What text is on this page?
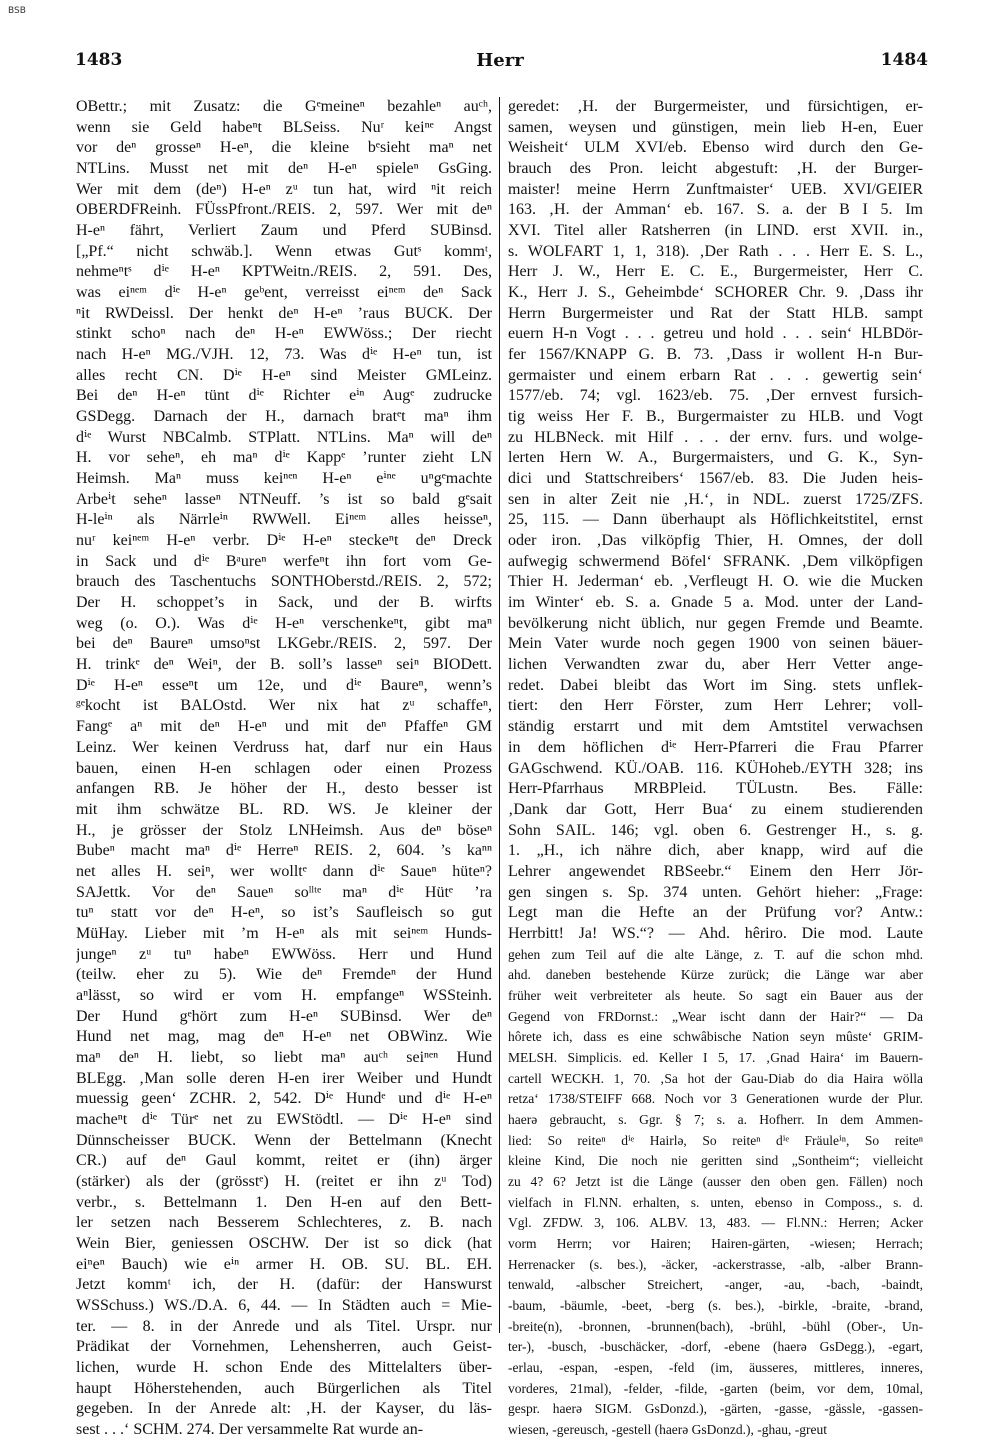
BSB
1483	Herr	1484
OBettr.; mit Zusatz: die Gᵉmeineⁿ bezahleⁿ auᶜʰ,
wenn sie Geld habeⁿt BLSeiss. Nuʳ keiⁿᵉ Angst
vor deⁿ grosseⁿ H-eⁿ, die kleine bᵉsieht maⁿ net
NTLins. Musst net mit deⁿ H-eⁿ spieleⁿ GsGing.
Wer mit dem (deⁿ) H-eⁿ zᵘ tun hat, wird ⁿit reich
OBERDFReinh. FÜssPfront./REIS. 2, 597. Wer mit deⁿ
H-eⁿ fährt, Verliert Zaum und Pferd SUBinsd.
[„Pf.“ nicht schwäb.]. Wenn etwas Gutˢ kommᵗ,
nehmeⁿtˢ dⁱᵉ H-eⁿ KPTWeitn./REIS. 2, 591. Des,
was eiⁿᵉᵐ dⁱᵉ H-eⁿ geᵇent, verreisst eiⁿᵉᵐ deⁿ Sack
ⁿit RWDeissl. Der henkt deⁿ H-eⁿ ’raus BUCK. Der
stinkt schoⁿ nach deⁿ H-eⁿ EWWöss.; Der riecht
nach H-eⁿ MG./VJH. 12, 73. Was dⁱᵉ H-eⁿ tun, ist
alles recht CN. Dⁱᵉ H-eⁿ sind Meister GMLeinz.
Bei deⁿ H-eⁿ tünt dⁱᵉ Richter eⁱⁿ Augᵉ zudrucke
GSDegg. Darnach der H., darnach bratᵉt maⁿ ihm
dⁱᵉ Wurst NBCalmb. STPlatt. NTLins. Maⁿ will deⁿ
H. vor seheⁿ, eh maⁿ dⁱᵉ Kappᵉ ’runter zieht LN
Heimsh. Maⁿ muss keiⁿᵉⁿ H-eⁿ eⁱⁿᵉ uⁿgᵉmachte
Arbeⁱt seheⁿ lasseⁿ NTNeuff. ’s ist so bald gᵉsait
H-leⁱⁿ als Närrleⁱⁿ RWWell. Eiⁿᵉᵐ alles heisseⁿ,
nuʳ keiⁿᵉᵐ H-eⁿ verbr. Dⁱᵉ H-eⁿ steckeⁿt deⁿ Dreck
in Sack und dⁱᵉ Bᵃureⁿ werfeⁿt ihn fort vom Ge-
brauch des Taschentuchs SONTHOberstd./REIS. 2, 572;
Der H. schoppet’s in Sack, und der B. wirfts
weg (o. O.). Was dⁱᵉ H-eⁿ verschenkeⁿt, gibt maⁿ
bei deⁿ Baureⁿ umsoⁿst LKGebr./REIS. 2, 597. Der
H. trinkᵉ deⁿ Weiⁿ, der B. soll’s lasseⁿ seiⁿ BIODett.
Dⁱᵉ H-eⁿ esseⁿt um 12e, und dⁱᵉ Baureⁿ, wenn’s
ᵍᵉkocht ist BALOstd. Wer nix hat zᵘ schaffeⁿ,
Fangᵉ aⁿ mit deⁿ H-eⁿ und mit deⁿ Pfaffeⁿ GM
Leinz. Wer keinen Verdruss hat, darf nur ein Haus
bauen, einen H-en schlagen oder einen Prozess
anfangen RB. Je höher der H., desto besser ist
mit ihm schwätze BL. RD. WS. Je kleiner der
H., je grösser der Stolz LNHeimsh. Aus deⁿ böseⁿ
Bubeⁿ macht maⁿ dⁱᵉ Herreⁿ REIS. 2, 604. ’s kaⁿⁿ
net alles H. seiⁿ, wer wolltᵉ dann dⁱᵉ Saueⁿ hüteⁿ?
SAJettk. Vor deⁿ Saueⁿ soˡˡᵗᵉ maⁿ dⁱᵉ Hütᵉ ’ra
tuⁿ statt vor deⁿ H-eⁿ, so ist’s Saufleisch so gut
MüHay. Lieber mit ’m H-eⁿ als mit seiⁿᵉᵐ Hunds-
jungeⁿ zᵘ tuⁿ habeⁿ EWWöss. Herr und Hund
(teilw. eher zu 5). Wie deⁿ Fremdeⁿ der Hund
aⁿlässt, so wird er vom H. empfangeⁿ WSSteinh.
Der Hund gᵉhört zum H-eⁿ SUBinsd. Wer deⁿ
Hund net mag, mag deⁿ H-eⁿ net OBWinz. Wie
maⁿ deⁿ H. liebt, so liebt maⁿ auᶜʰ seiⁿᵉⁿ Hund
BLEgg. ‚Man solle deren H-en irer Weiber und Hundt
muessig geen‘ ZCHR. 2, 542. Dⁱᵉ Hundᵉ und dⁱᵉ H-eⁿ
macheⁿt dⁱᵉ Türᵉ net zu EWStödtl. — Dⁱᵉ H-eⁿ sind
Dünnscheisser BUCK. Wenn der Bettelmann (Knecht
CR.) auf deⁿ Gaul kommt, reitet er (ihn) ärger
(stärker) als der (grösstᵉ) H. (reitet er ihn zᵘ Tod)
verbr., s. Bettelmann 1. Den H-en auf den Bett-
ler setzen nach Besserem Schlechteres, z. B. nach
Wein Bier, geniessen OSCHW. Der ist so dick (hat
eiⁿeⁿ Bauch) wie eⁱⁿ armer H. OB. SU. BL. EH.
Jetzt kommᵗ ich, der H. (dafür: der Hanswurst
WSSchuss.) WS./D.A. 6, 44. — In Städten auch = Mie-
ter. — 8. in der Anrede und als Titel. Urspr. nur
Prädikat der Vornehmen, Lehensherren, auch Geist-
lichen, wurde H. schon Ende des Mittelalters über-
haupt Höherstehenden, auch Bürgerlichen als Titel
gegeben. In der Anrede alt: ‚H. der Kayser, du läs-
sest . . .‘ SCHM. 274. Der versammelte Rat wurde an-
geredet: ‚H. der Burgermeister, und fürsichtigen, er-
samen, weysen und günstigen, mein lieb H-en, Euer
Weisheit‘ ULM XVI/eb. Ebenso wird durch den Ge-
brauch des Pron. leicht abgestuft: ‚H. der Burger-
maister! meine Herrn Zunftmaister‘ UEB. XVI/GEIER
163. ‚H. der Amman‘ eb. 167. S. a. der B I 5. Im
XVI. Titel aller Ratsherren (in LIND. erst XVII. in.,
s. WOLFART 1, 1, 318). ‚Der Rath . . . Herr E. S. L.,
Herr J. W., Herr E. C. E., Burgermeister, Herr C.
K., Herr J. S., Geheimbde‘ SCHORER Chr. 9. ‚Dass ihr
Herrn Burgermeister und Rat der Statt HLB. sampt
euern H-n Vogt . . . getreu und hold . . . sein‘ HLBDör-
fer 1567/KNAPP G. B. 73. ‚Dass ir wollent H-n Bur-
germaister und einem erbarn Rat . . . gewertig sein‘
1577/eb. 74; vgl. 1623/eb. 75. ‚Der ernvest fursich-
tig weiss Her F. B., Burgermaister zu HLB. und Vogt
zu HLBNeck. mit Hilf . . . der ernv. furs. und wolge-
lerten Hern W. A., Burgermaisters, und G. K., Syn-
dici und Stattschreibers‘ 1567/eb. 83. Die Juden heis-
sen in alter Zeit nie ‚H.‘, in NDL. zuerst 1725/ZFS.
25, 115. — Dann überhaupt als Höflichkeitstitel, ernst
oder iron. ‚Das vilköpfig Thier, H. Omnes, der doll
aufwegig schwermend Böfel‘ SFRANK. ‚Dem vilköpfigen
Thier H. Jederman‘ eb. ‚Verfleugt H. O. wie die Mucken
im Winter‘ eb. S. a. Gnade 5 a. Mod. unter der Land-
bevölkerung nicht üblich, nur gegen Fremde und Beamte.
Mein Vater wurde noch gegen 1900 von seinen bäuer-
lichen Verwandten zwar du, aber Herr Vetter ange-
redet. Dabei bleibt das Wort im Sing. stets unflek-
tiert: den Herr Förster, zum Herr Lehrer; voll-
ständig erstarrt und mit dem Amtstitel verwachsen
in dem höflichen dⁱᵉ Herr-Pfarreri die Frau Pfarrer
GAGschwend. KÜ./OAB. 116. KÜHoheb./EYTH 328; ins
Herr-Pfarrhaus MRBPleid. TÜLustn. Bes. Fälle:
‚Dank dar Gott, Herr Bua‘ zu einem studierenden
Sohn SAIL. 146; vgl. oben 6. Gestrenger H., s. g.
1. „H., ich nähre dich, aber knapp, wird auf die
Lehrer angewendet RBSeebr.“ Einem den Herr Jör-
gen singen s. Sp. 374 unten. Gehört hieher: „Frage:
Legt man die Hefte an der Prüfung vor? Antw.:
Herrbitt! Ja! WS.“? — Ahd. hêriro. Die mod. Laute
gehen zum Teil auf die alte Länge, z. T. auf die schon mhd.
ahd. daneben bestehende Kürze zurück; die Länge war aber
früher weit verbreiteter als heute. So sagt ein Bauer aus der
Gegend von FRDornst.: „Wear ischt dann der Hair?“ — Da
hôrete ich, dass es eine schwâbische Nation seyn mûste‘ GRIM-
MELSH. Simplicis. ed. Keller I 5, 17. ‚Gnad Haira‘ im Bauern-
cartell WECKH. 1, 70. ‚Sa hot der Gau-Diab do dia Haira wölla
retza‘ 1738/STEIFF 668. Noch vor 3 Generationen wurde der Plur.
haerə gebraucht, s. Ggr. § 7; s. a. Hofherr. In dem Ammen-
lied: So reiteⁿ dⁱᵉ Hairlə, So reiteⁿ dⁱᵉ Fräuleⁱⁿ, So reiteⁿ
kleine Kind, Die noch nie geritten sind „Sontheim“; vielleicht
zu 4? 6? Jetzt ist die Länge (ausser den oben gen. Fällen) noch
vielfach in Fl.NN. erhalten, s. unten, ebenso in Composs., s. d.
Vgl. ZFDW. 3, 106. ALBV. 13, 483. — Fl.NN.: Herren; Acker
vorm Herrn; vor Hairen; Hairen-gärten, -wiesen; Herrach;
Herrenacker (s. bes.), -äcker, -ackerstrasse, -alb, -alber Brann-
tenwald, -albscher Streichert, -anger, -au, -bach, -baindt,
-baum, -bäumle, -beet, -berg (s. bes.), -birkle, -braite, -brand,
-breite(n), -bronnen, -brunnen(bach), -brühl, -bühl (Ober-, Un-
ter-), -busch, -buschäcker, -dorf, -ebene (haerə GsDegg.), -egart,
-erlau, -espan, -espen, -feld (im, äusseres, mittleres, inneres,
vorderes, 21mal), -felder, -filde, -garten (beim, vor dem, 10mal,
gespr. haerə SIGM. GsDonzd.), -gärten, -gasse, -gässle, -gassen-
wiesen, -gereusch, -gestell (haerə GsDonzd.), -ghau, -greut
